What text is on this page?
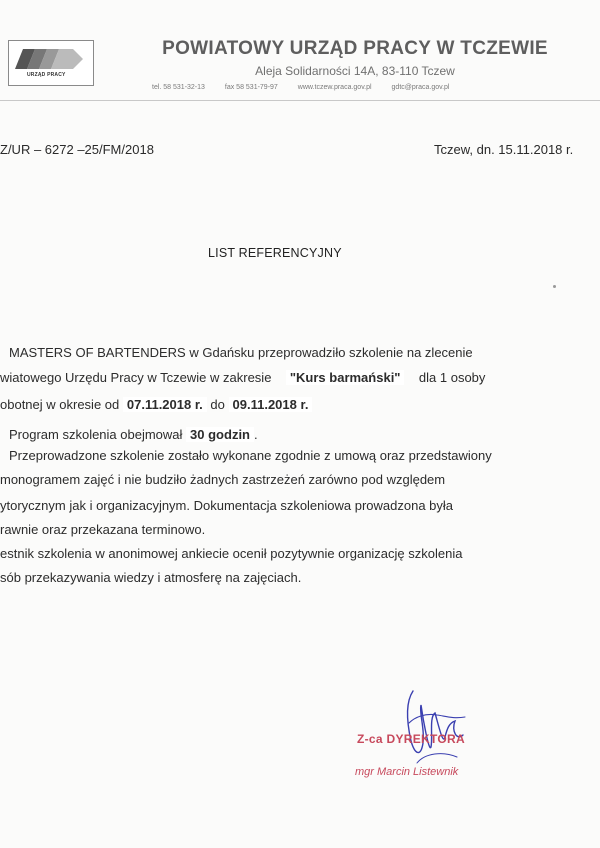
URZĄD PRACY
POWIATOWY URZĄD PRACY W TCZEWIE
Aleja Solidarności 14A, 83-110 Tczew
tel. 58 531-32-13	fax 58 531-79-97	www.tczew.praca.gov.pl	gdtc@praca.gov.pl
Z/UR – 6272 –25/FM/2018	Tczew, dn. 15.11.2018 r.
LIST REFERENCYJNY
MASTERS OF BARTENDERS w Gdańsku przeprowadziło szkolenie na zlecenie
wiatowego Urzędu Pracy w Tczewie w zakresie "Kurs barmański" dla 1 osoby
obotnej w okresie od 07.11.2018 r. do 09.11.2018 r.
Program szkolenia obejmował 30 godzin .
Przeprowadzone szkolenie zostało wykonane zgodnie z umową oraz przedstawiony
monogramem zajęć i nie budziło żadnych zastrzeżeń zarówno pod względem
ytorycznym jak i organizacyjnym. Dokumentacja szkoleniowa prowadzona była
rawnie oraz przekazana terminowo.
estnik szkolenia w anonimowej ankiecie ocenił pozytywnie organizację szkolenia
sób przekazywania wiedzy i atmosferę na zajęciach.
Z-ca DYREKTORA
mgr Marcin Listewnik
